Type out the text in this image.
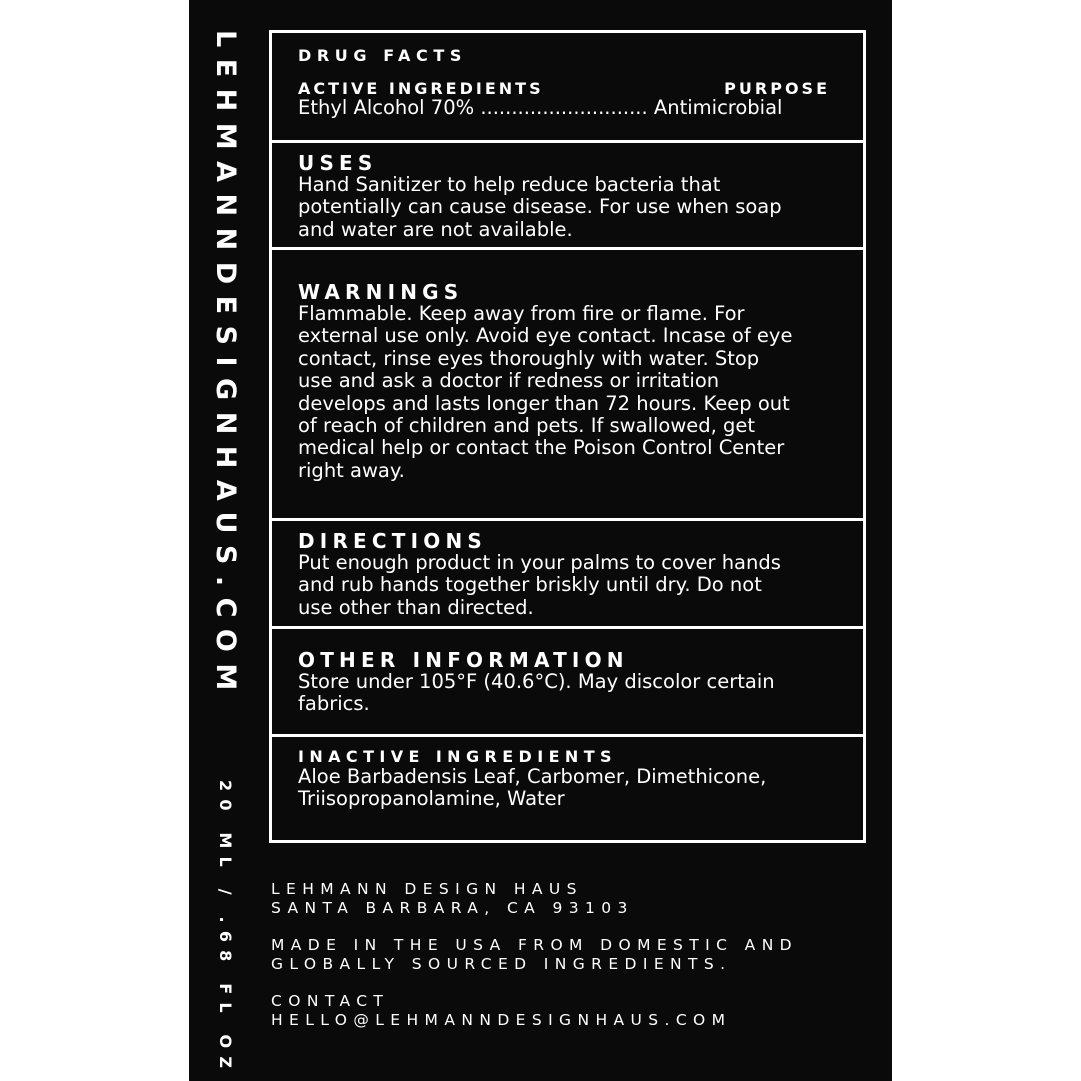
LEHMANNDESIGNHAUS.COM
20 ML / .68 FL OZ
DRUG FACTS
ACTIVE INGREDIENTS	PURPOSE
Ethyl Alcohol 70% ........................... Antimicrobial
USES
Hand Sanitizer to help reduce bacteria that
potentially can cause disease. For use when soap
and water are not available.
WARNINGS
Flammable. Keep away from fire or flame. For
external use only. Avoid eye contact. Incase of eye
contact, rinse eyes thoroughly with water. Stop
use and ask a doctor if redness or irritation
develops and lasts longer than 72 hours. Keep out
of reach of children and pets. If swallowed, get
medical help or contact the Poison Control Center
right away.
DIRECTIONS
Put enough product in your palms to cover hands
and rub hands together briskly until dry. Do not
use other than directed.
OTHER INFORMATION
Store under 105°F (40.6°C). May discolor certain
fabrics.
INACTIVE INGREDIENTS
Aloe Barbadensis Leaf, Carbomer, Dimethicone,
Triisopropanolamine, Water
LEHMANN DESIGN HAUS
SANTA BARBARA, CA 93103
MADE IN THE USA FROM DOMESTIC AND
GLOBALLY SOURCED INGREDIENTS.
CONTACT
HELLO@LEHMANNDESIGNHAUS.COM
